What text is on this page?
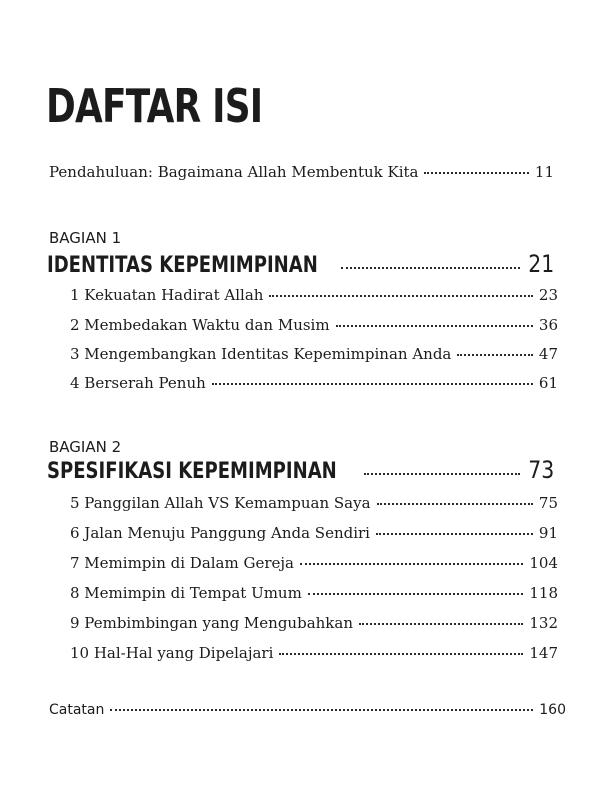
DAFTAR ISI
Pendahuluan: Bagaimana Allah Membentuk Kita	11

BAGIAN 1

IDENTITAS KEPEMIMPINAN	21
1 Kekuatan Hadirat Allah	23
2 Membedakan Waktu dan Musim	36
3 Mengembangkan Identitas Kepemimpinan Anda	47
4 Berserah Penuh	61

BAGIAN 2

SPESIFIKASI KEPEMIMPINAN	73
5 Panggilan Allah VS Kemampuan Saya	75
6 Jalan Menuju Panggung Anda Sendiri	91
7 Memimpin di Dalam Gereja	104
8 Memimpin di Tempat Umum	118
9 Pembimbingan yang Mengubahkan	132
10 Hal-Hal yang Dipelajari	147
Catatan	160
